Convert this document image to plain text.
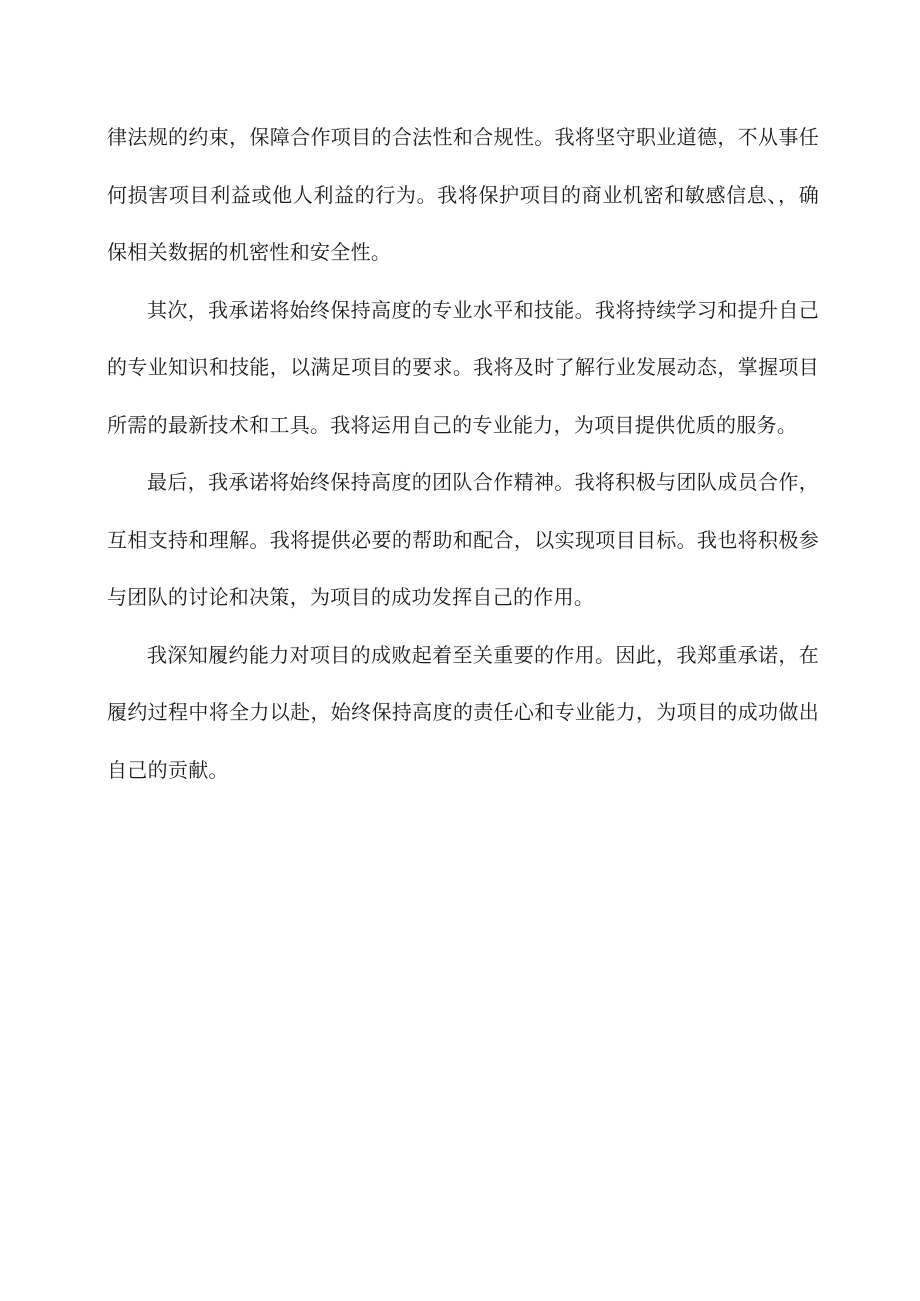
律法规的约束，保障合作项目的合法性和合规性。我将坚守职业道德，不从事任何损害项目利益或他人利益的行为。我将保护项目的商业机密和敏感信息、，确保相关数据的机密性和安全性。

其次，我承诺将始终保持高度的专业水平和技能。我将持续学习和提升自己的专业知识和技能，以满足项目的要求。我将及时了解行业发展动态，掌握项目所需的最新技术和工具。我将运用自己的专业能力，为项目提供优质的服务。

最后，我承诺将始终保持高度的团队合作精神。我将积极与团队成员合作，互相支持和理解。我将提供必要的帮助和配合，以实现项目目标。我也将积极参与团队的讨论和决策，为项目的成功发挥自己的作用。

我深知履约能力对项目的成败起着至关重要的作用。因此，我郑重承诺，在履约过程中将全力以赴，始终保持高度的责任心和专业能力，为项目的成功做出自己的贡献。
